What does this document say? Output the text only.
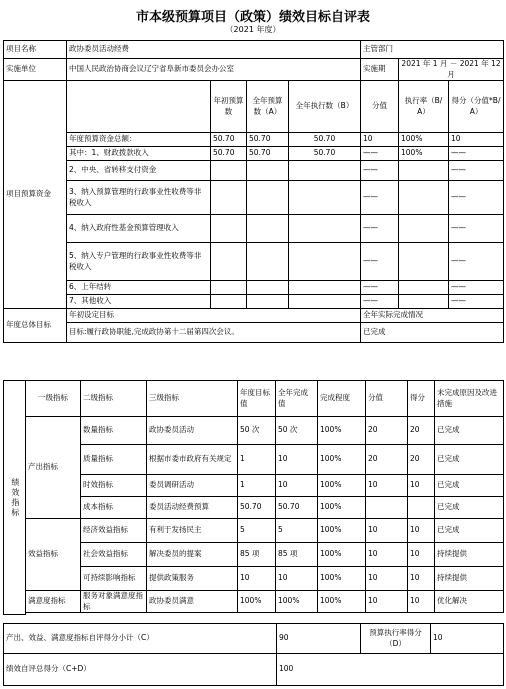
市本级预算项目（政策）绩效目标自评表
（2021 年度）
项目名称	政协委员活动经费				主管部门		
实施单位	中国人民政治协商会议辽宁省阜新市委员会办公室				实施期	2021 年 1 月 － 2021 年 12 月	
项目预算资金		年初预算数	全年预算数（A）	全年执行数（B）	分值	执行率（B/A）	得分（分值*B/A）
	年度预算资金总额：	50.70	50.70	50.70	10	100%	10
	其中：1、财政拨款收入	50.70	50.70	50.70	——	100%	——
	2、中央、省转移支付资金				——		——
	3、纳入预算管理的行政事业性收费等非税收入				——		——
	4、纳入政府性基金预算管理收入				——		——
	5、纳入专户管理的行政事业性收费等非税收入				——		——
	6、上年结转				——		——
	7、其他收入				——		——
年度总体目标	年初设定目标				全年实际完成情况		
	目标:履行政协职能,完成政协第十二届第四次会议。				已完成		
绩效指标	一级指标	二级指标	三级指标	年度目标值	全年完成值	完成程度	分值	得分	未完成原因及改进措施
	产出指标	数量指标	政协委员活动	50 次	50 次	100%	20	20	已完成
		质量指标	根据市委市政府有关规定	1	10	100%	20	20	已完成
		时效指标	委员调研活动	1	10	100%	10	10	已完成
		成本指标	委员活动经费预算	50.70	50.70	100%			已完成
	效益指标	经济效益指标	有利于发扬民主	5	5	100%	10	10	已完成
		社会效益指标	解决委员的提案	85 项	85 项	100%	10	10	持续提供
		可持续影响指标	提供政策服务	10	10	100%	10	10	持续提供
	满意度指标	服务对象满意度指标	政协委员满意	100%	100%	100%	10	10	优化解决

产出、效益、满意度指标自评得分小计（C）	90	预算执行率得分（D）	10
绩效自评总得分（C+D）	100		
